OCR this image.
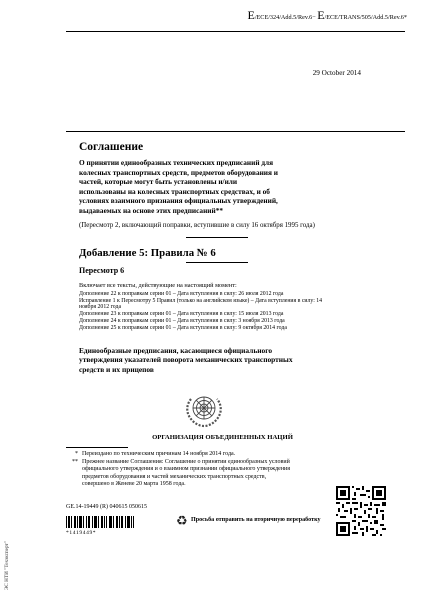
E/ECE/324/Add.5/Rev.6− E/ECE/TRANS/505/Add.5/Rev.6*
29 October 2014
Соглашение
О принятии единообразных технических предписаний для колесных транспортных средств, предметов оборудования и частей, которые могут быть установлены и/или использованы на колесных транспортных средствах, и об условиях взаимного признания официальных утверждений, выдаваемых на основе этих предписаний**
(Пересмотр 2, включающий поправки, вступившие в силу 16 октября 1995 года)
Добавление 5: Правила № 6
Пересмотр 6
Включает все тексты, действующие на настоящий момент:
Дополнение 22 к поправкам серии 01 – Дата вступления в силу: 26 июля 2012 года
Исправление 1 к Пересмотру 5 Правил (только на английском языке) – Дата вступления в силу: 14 ноября 2012 года
Дополнение 23 к поправкам серии 01 – Дата вступления в силу: 15 июля 2013 года
Дополнение 24 к поправкам серии 01 – Дата вступления в силу: 3 ноября 2013 года
Дополнение 25 к поправкам серии 01 – Дата вступления в силу: 9 октября 2014 года
Единообразные предписания, касающиеся официального утверждения указателей поворота механических транспортных средств и их прицепов
ОРГАНИЗАЦИЯ ОБЪЕДИНЕННЫХ НАЦИЙ
* Переиздано по техническим причинам 14 ноября 2014 года.
** Прежнее название Соглашения: Соглашение о принятии единообразных условий официального утверждения и о взаимном признании официального утверждения предметов оборудования и частей механических транспортных средств, совершено в Женеве 20 марта 1958 года.
GE.14-19449 (R) 040615 050615
*1419449*
♻ Просьба отправить на вторичную переработку
ЭС НТИ "Техэксперт"
